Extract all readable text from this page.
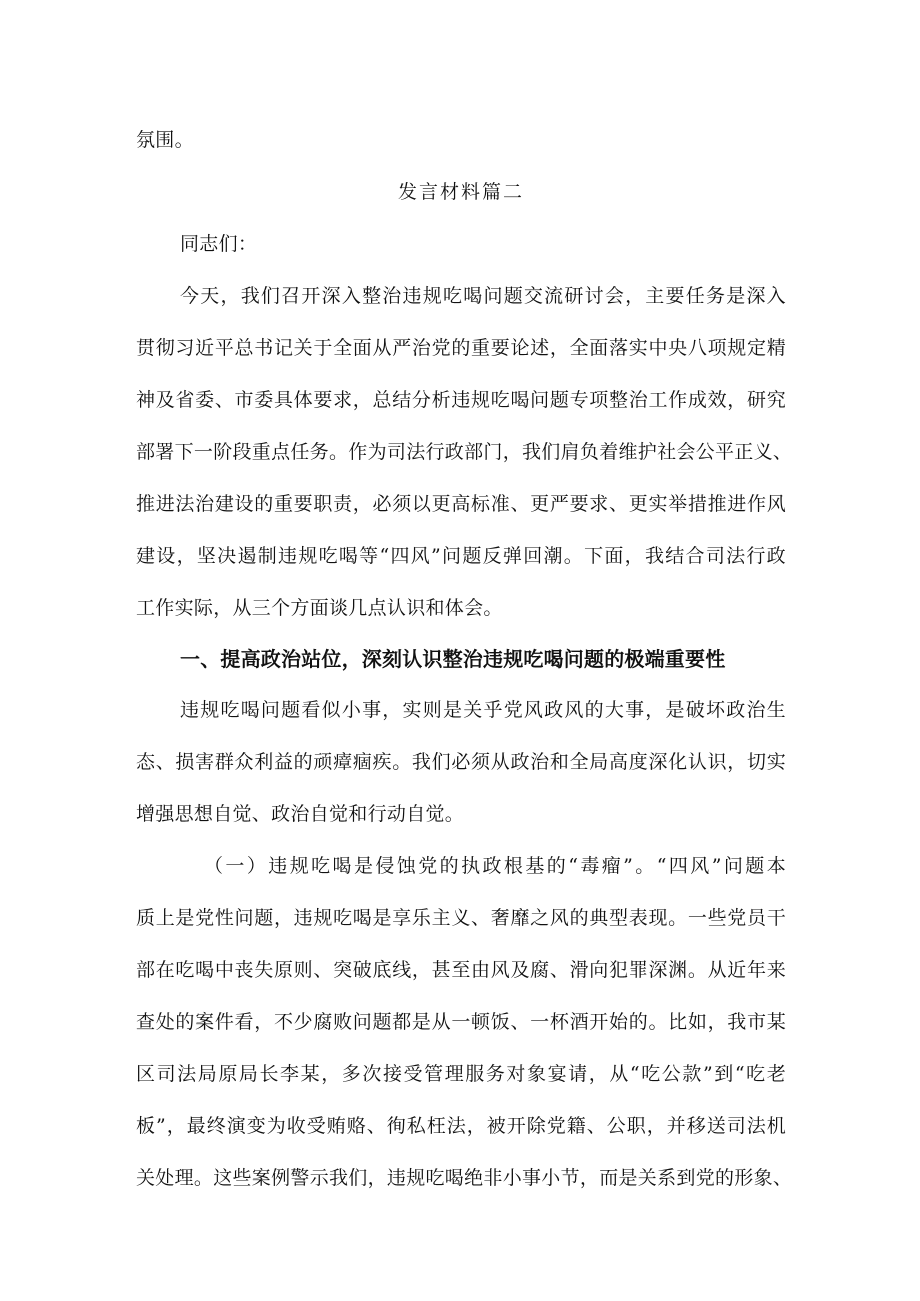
氛围。
发言材料篇二
同志们：
今天，我们召开深入整治违规吃喝问题交流研讨会，主要任务是深入
贯彻习近平总书记关于全面从严治党的重要论述，全面落实中央八项规定精
神及省委、市委具体要求，总结分析违规吃喝问题专项整治工作成效，研究
部署下一阶段重点任务。作为司法行政部门，我们肩负着维护社会公平正义、
推进法治建设的重要职责，必须以更高标准、更严要求、更实举措推进作风
建设，坚决遏制违规吃喝等“四风”问题反弹回潮。下面，我结合司法行政
工作实际，从三个方面谈几点认识和体会。
一、提高政治站位，深刻认识整治违规吃喝问题的极端重要性
违规吃喝问题看似小事，实则是关乎党风政风的大事，是破坏政治生
态、损害群众利益的顽瘴痼疾。我们必须从政治和全局高度深化认识，切实
增强思想自觉、政治自觉和行动自觉。
（一）违规吃喝是侵蚀党的执政根基的“毒瘤”。“四风”问题本
质上是党性问题，违规吃喝是享乐主义、奢靡之风的典型表现。一些党员干
部在吃喝中丧失原则、突破底线，甚至由风及腐、滑向犯罪深渊。从近年来
查处的案件看，不少腐败问题都是从一顿饭、一杯酒开始的。比如，我市某
区司法局原局长李某，多次接受管理服务对象宴请，从“吃公款”到“吃老
板”，最终演变为收受贿赂、徇私枉法，被开除党籍、公职，并移送司法机
关处理。这些案例警示我们，违规吃喝绝非小事小节，而是关系到党的形象、
